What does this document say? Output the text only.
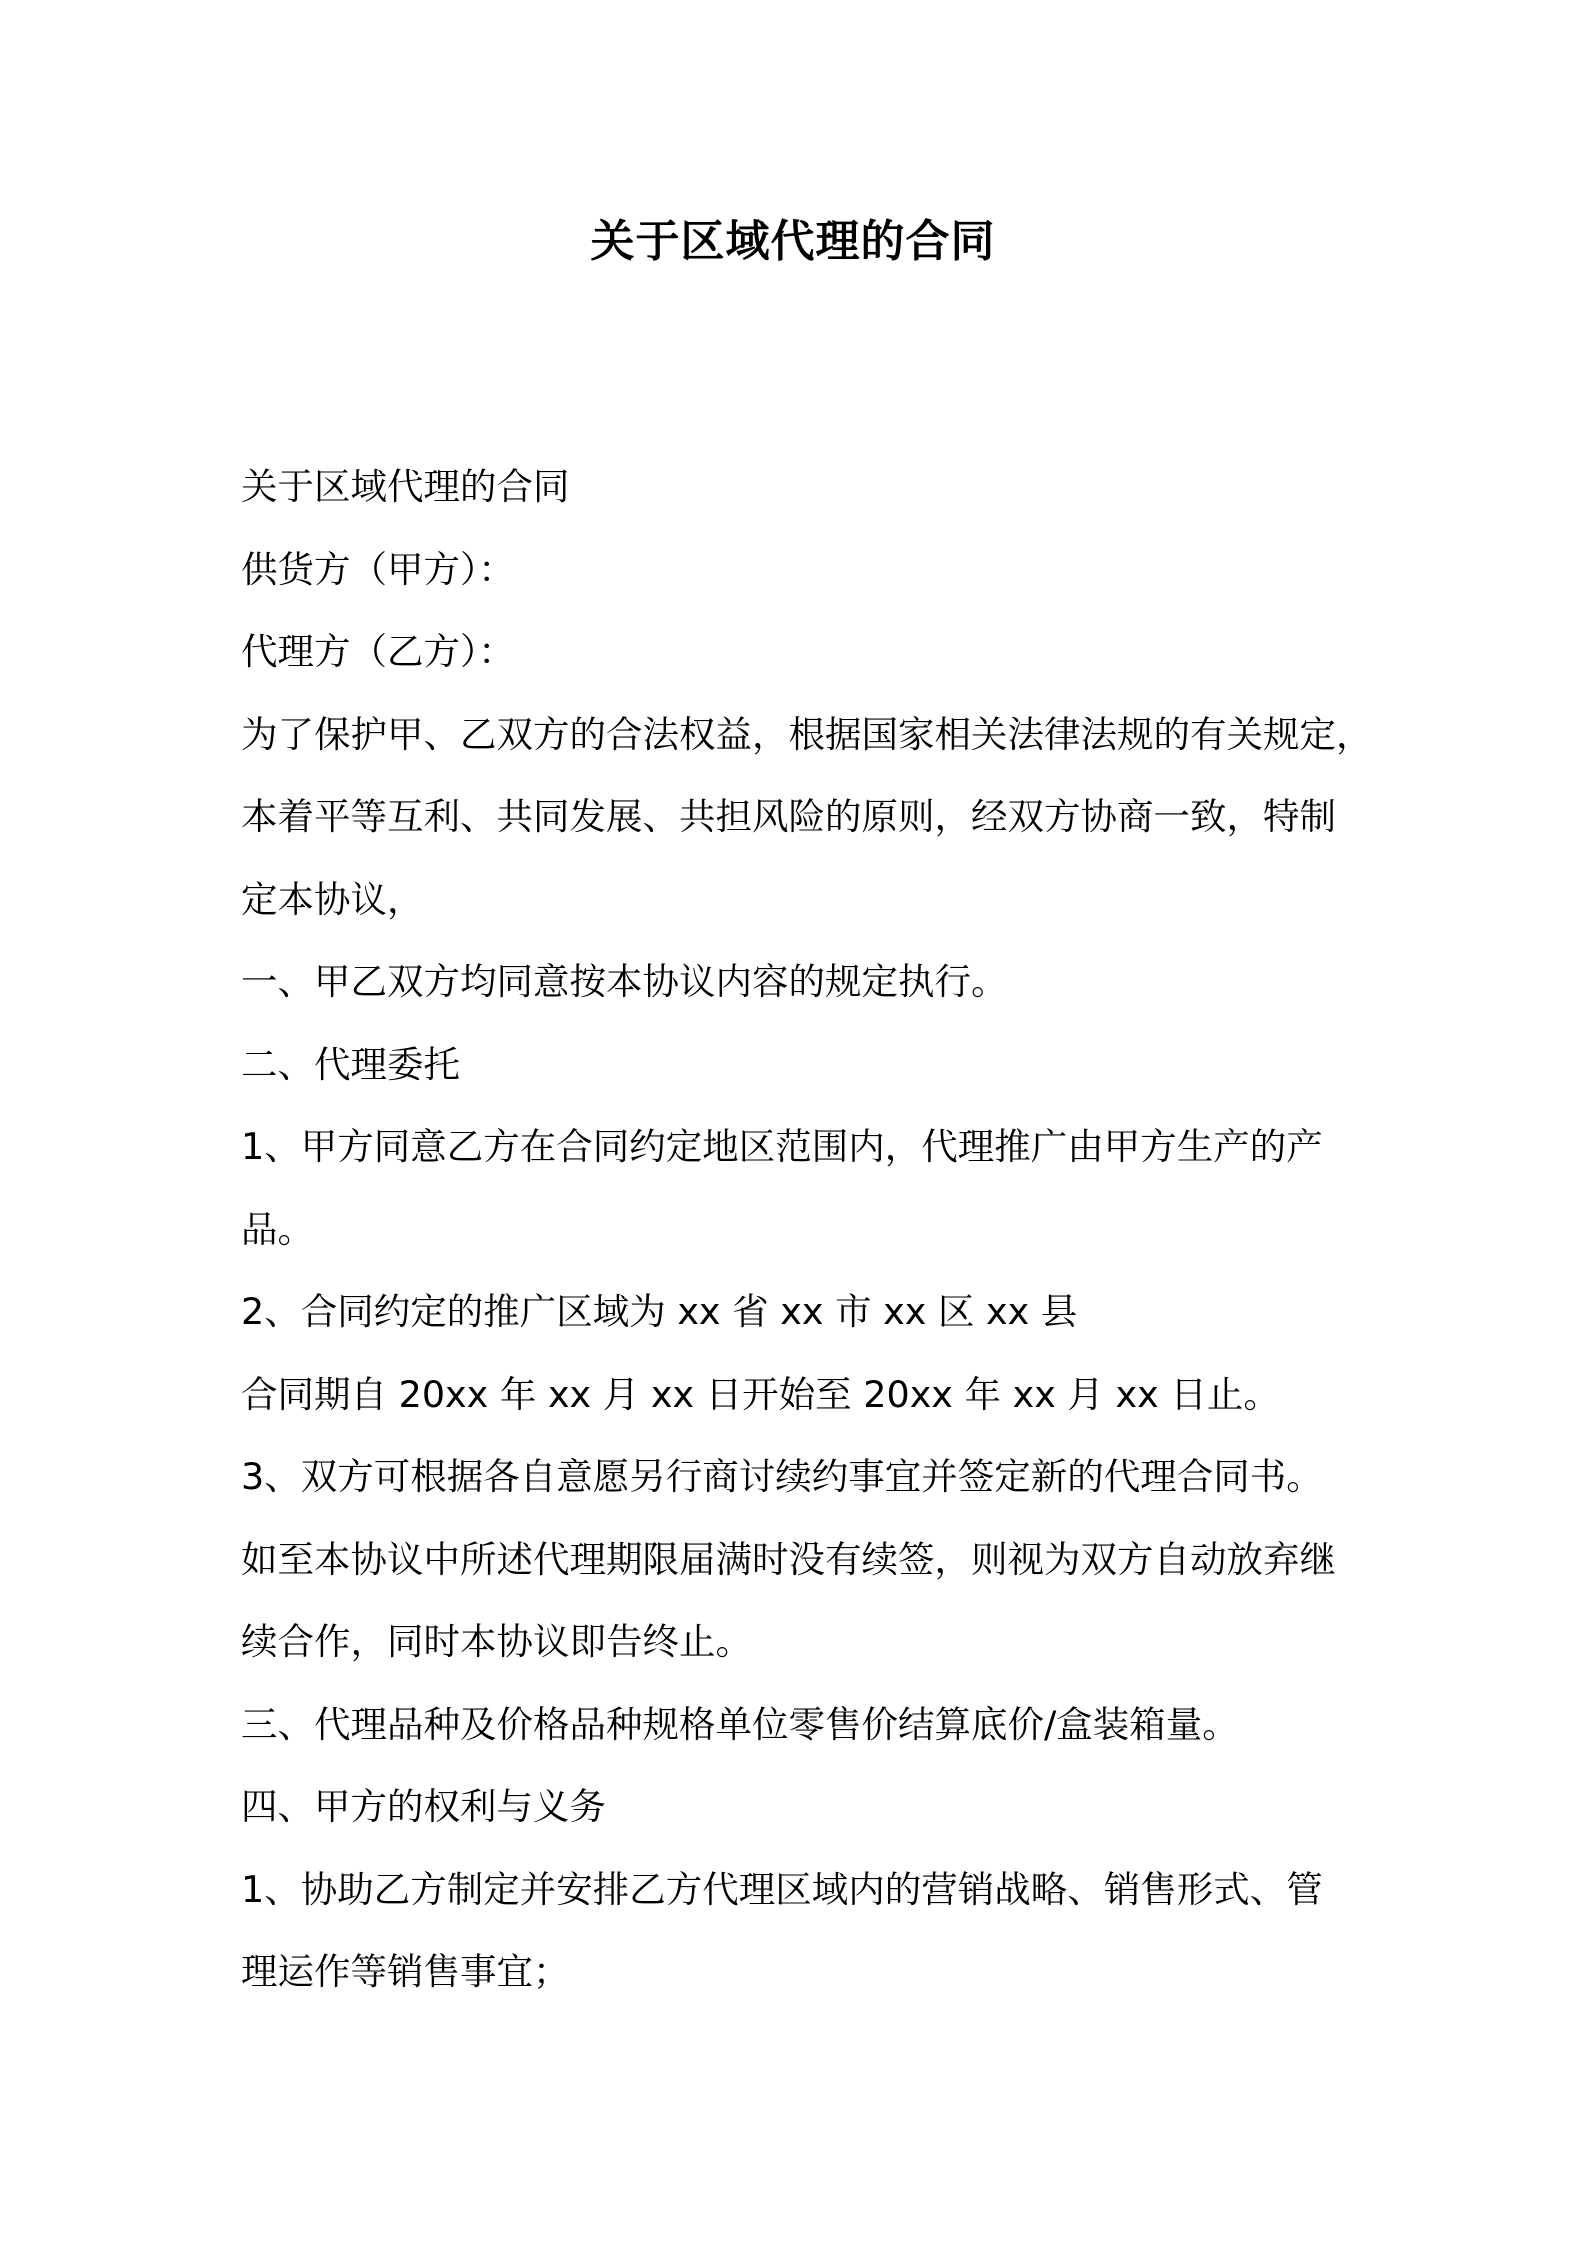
关于区域代理的合同

关于区域代理的合同

供货方（甲方）：

代理方（乙方）：

为了保护甲、乙双方的合法权益，根据国家相关法律法规的有关规定，

本着平等互利、共同发展、共担风险的原则，经双方协商一致，特制

定本协议，

一、甲乙双方均同意按本协议内容的规定执行。

二、代理委托

1、甲方同意乙方在合同约定地区范围内，代理推广由甲方生产的产

品。

2、合同约定的推广区域为 xx 省 xx 市 xx 区 xx 县

合同期自 20xx 年 xx 月 xx 日开始至 20xx 年 xx 月 xx 日止。

3、双方可根据各自意愿另行商讨续约事宜并签定新的代理合同书。

如至本协议中所述代理期限届满时没有续签，则视为双方自动放弃继

续合作，同时本协议即告终止。

三、代理品种及价格品种规格单位零售价结算底价/盒装箱量。

四、甲方的权利与义务

1、协助乙方制定并安排乙方代理区域内的营销战略、销售形式、管

理运作等销售事宜；
